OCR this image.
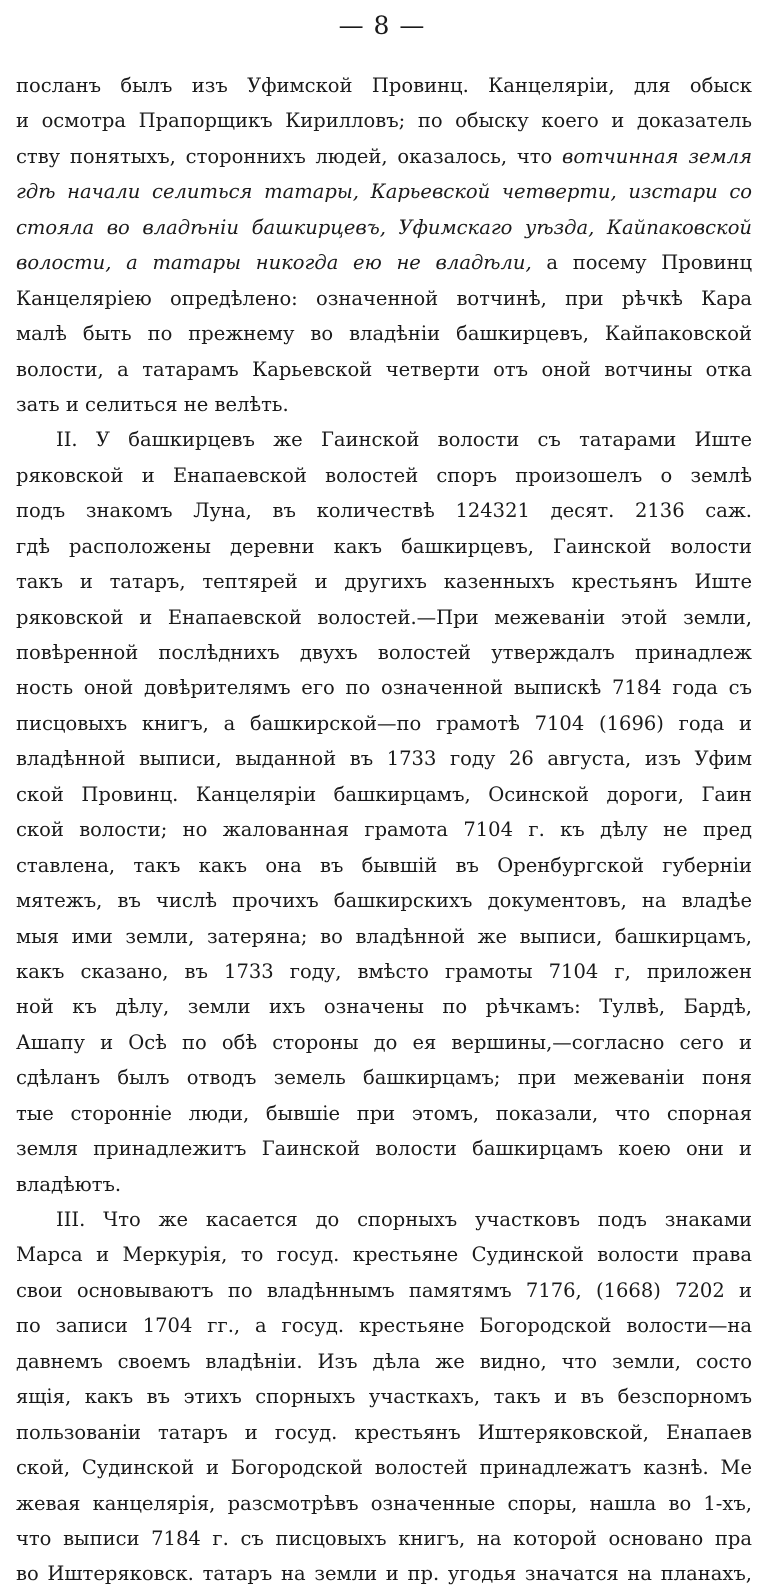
— 8 —
посланъ былъ изъ Уфимской Провинц. Канцеляріи, для обыск
и осмотра Прапорщикъ Кирилловъ; по обыску коего и доказатель
ству понятыхъ, стороннихъ людей, оказалось, что вотчинная земля
гдѣ начали селиться татары, Карьевской четверти, изстари со
стояла во владѣніи башкирцевъ, Уфимскаго уѣзда, Кайпаковской
волости, а татары никогда ею не владѣли, а посему Провинц
Канцеляріею опредѣлено: означенной вотчинѣ, при рѣчкѣ Кара
малѣ быть по прежнему во владѣніи башкирцевъ, Кайпаковской
волости, а татарамъ Карьевской четверти отъ оной вотчины отка
зать и селиться не велѣть.
II. У башкирцевъ же Гаинской волости съ татарами Иште
ряковской и Енапаевской волостей споръ произошелъ о землѣ
подъ знакомъ Луна, въ количествѣ 124321 десят. 2136 саж.
гдѣ расположены деревни какъ башкирцевъ, Гаинской волости
такъ и татаръ, тептярей и другихъ казенныхъ крестьянъ Иште
ряковской и Енапаевской волостей.—При межеваніи этой земли,
повѣренной послѣднихъ двухъ волостей утверждалъ принадлеж
ность оной довѣрителямъ его по означенной выпискѣ 7184 года съ
писцовыхъ книгъ, а башкирской—по грамотѣ 7104 (1696) года и
владѣнной выписи, выданной въ 1733 году 26 августа, изъ Уфим
ской Провинц. Канцеляріи башкирцамъ, Осинской дороги, Гаин
ской волости; но жалованная грамота 7104 г. къ дѣлу не пред
ставлена, такъ какъ она въ бывшій въ Оренбургской губерніи
мятежъ, въ числѣ прочихъ башкирскихъ документовъ, на владѣе
мыя ими земли, затеряна; во владѣнной же выписи, башкирцамъ,
какъ сказано, въ 1733 году, вмѣсто грамоты 7104 г, приложен
ной къ дѣлу, земли ихъ означены по рѣчкамъ: Тулвѣ, Бардѣ,
Ашапу и Осѣ по обѣ стороны до ея вершины,—согласно сего и
сдѣланъ былъ отводъ земель башкирцамъ; при межеваніи поня
тые сторонніе люди, бывшіе при этомъ, показали, что спорная
земля принадлежитъ Гаинской волости башкирцамъ коею они и
владѣютъ.
III. Что же касается до спорныхъ участковъ подъ знаками
Марса и Меркурія, то госуд. крестьяне Судинской волости права
свои основываютъ по владѣннымъ памятямъ 7176, (1668) 7202 и
по записи 1704 гг., а госуд. крестьяне Богородской волости—на
давнемъ своемъ владѣніи. Изъ дѣла же видно, что земли, состо
ящія, какъ въ этихъ спорныхъ участкахъ, такъ и въ безспорномъ
пользованіи татаръ и госуд. крестьянъ Иштеряковской, Енапаев
ской, Судинской и Богородской волостей принадлежатъ казнѣ. Ме
жевая канцелярія, разсмотрѣвъ означенные споры, нашла во 1-хъ,
что выписи 7184 г. съ писцовыхъ книгъ, на которой основано пра
во Иштеряковск. татаръ на земли и пр. угодья значатся на планахъ,
